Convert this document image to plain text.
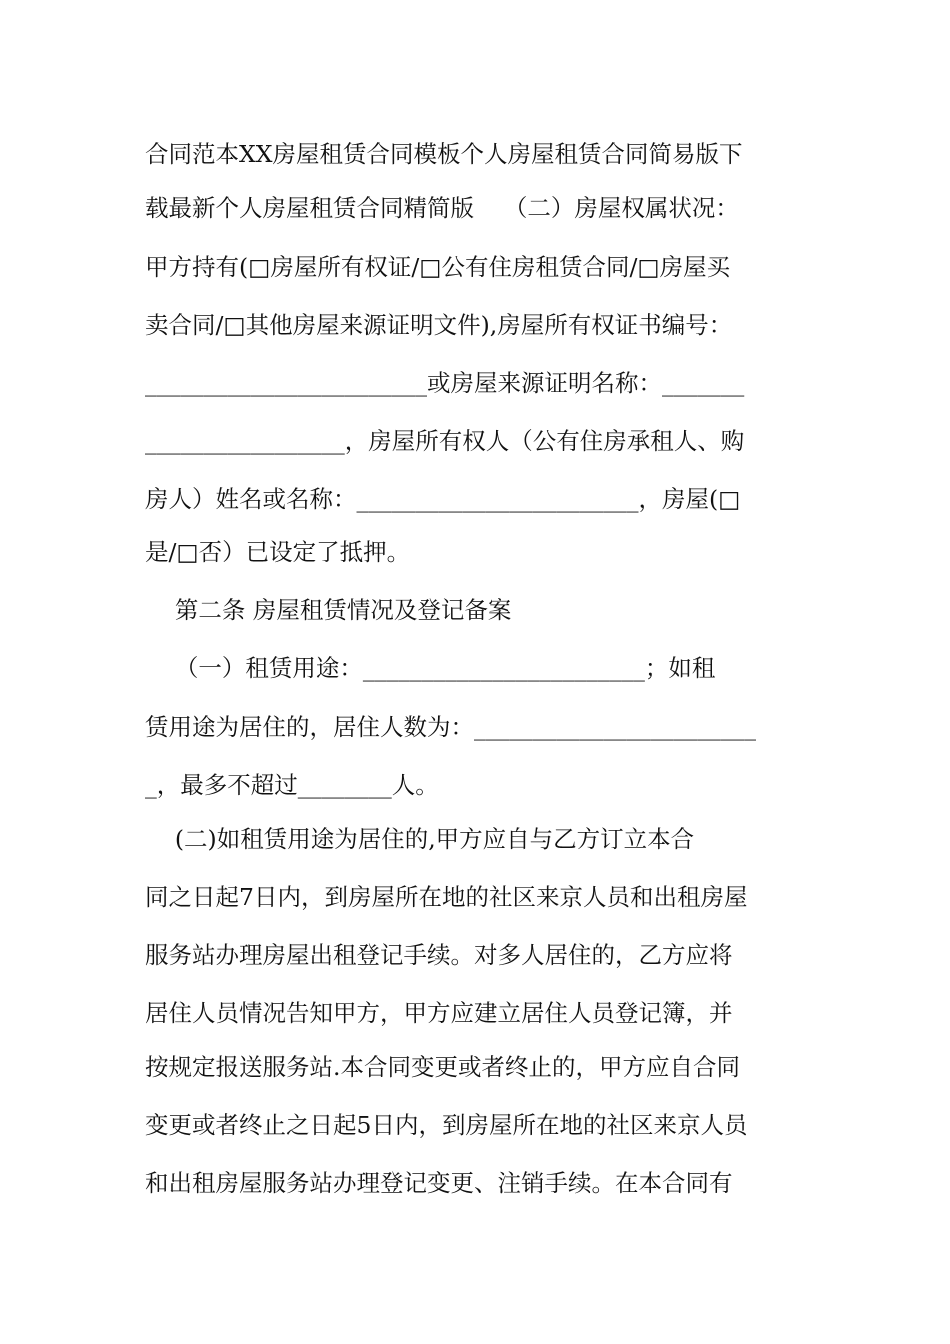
合同范本XX房屋租赁合同模板个人房屋租赁合同简易版下
载最新个人房屋租赁合同精简版    （二）房屋权属状况：
甲方持有(□房屋所有权证/□公有住房租赁合同/□房屋买
卖合同/□其他房屋来源证明文件),房屋所有权证书编号：
________________________或房屋来源证明名称：_______
_________________，房屋所有权人（公有住房承租人、购
房人）姓名或名称：________________________，房屋(□
是/□否）已设定了抵押。
第二条 房屋租赁情况及登记备案
（一）租赁用途：________________________；如租
赁用途为居住的，居住人数为：________________________
_，最多不超过________人。
(二)如租赁用途为居住的,甲方应自与乙方订立本合
同之日起7日内，到房屋所在地的社区来京人员和出租房屋
服务站办理房屋出租登记手续。对多人居住的，乙方应将
居住人员情况告知甲方，甲方应建立居住人员登记簿，并
按规定报送服务站.本合同变更或者终止的，甲方应自合同
变更或者终止之日起5日内，到房屋所在地的社区来京人员
和出租房屋服务站办理登记变更、注销手续。在本合同有
